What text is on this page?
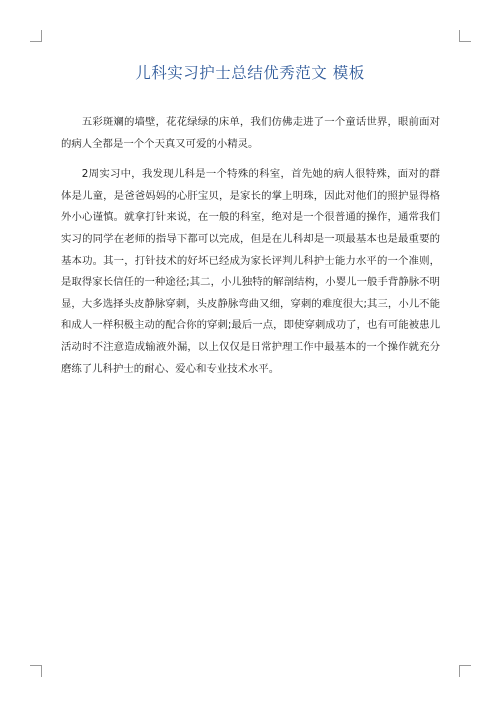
儿科实习护士总结优秀范文 模板

五彩斑斓的墙壁，花花绿绿的床单，我们仿佛走进了一个童话世界，眼前面对的病人全都是一个个天真又可爱的小精灵。

2周实习中，我发现儿科是一个特殊的科室，首先她的病人很特殊，面对的群体是儿童，是爸爸妈妈的心肝宝贝，是家长的掌上明珠，因此对他们的照护显得格外小心谨慎。就拿打针来说，在一般的科室，绝对是一个很普通的操作，通常我们实习的同学在老师的指导下都可以完成，但是在儿科却是一项最基本也是最重要的基本功。其一，打针技术的好坏已经成为家长评判儿科护士能力水平的一个准则，是取得家长信任的一种途径;其二，小儿独特的解剖结构，小婴儿一般手背静脉不明显，大多选择头皮静脉穿刺，头皮静脉弯曲又细，穿刺的难度很大;其三，小儿不能和成人一样积极主动的配合你的穿刺;最后一点，即使穿刺成功了，也有可能被患儿活动时不注意造成输液外漏，以上仅仅是日常护理工作中最基本的一个操作就充分磨练了儿科护士的耐心、爱心和专业技术水平。
